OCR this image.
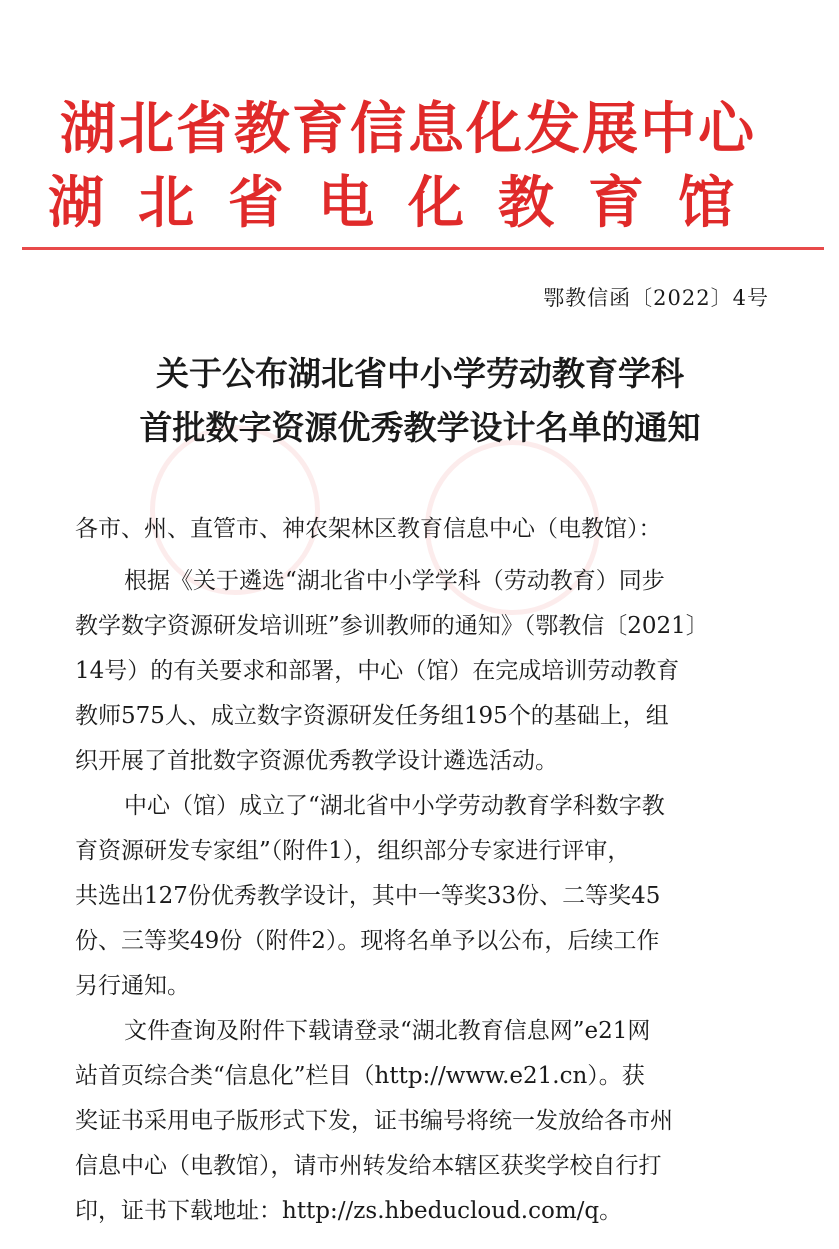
湖北省教育信息化发展中心
湖北省电化教育馆
鄂教信函〔2022〕4号
关于公布湖北省中小学劳动教育学科
首批数字资源优秀教学设计名单的通知
各市、州、直管市、神农架林区教育信息中心（电教馆）：
根据《关于遴选“湖北省中小学学科（劳动教育）同步
教学数字资源研发培训班”参训教师的通知》（鄂教信〔2021〕
14号）的有关要求和部署，中心（馆）在完成培训劳动教育
教师575人、成立数字资源研发任务组195个的基础上，组
织开展了首批数字资源优秀教学设计遴选活动。
中心（馆）成立了“湖北省中小学劳动教育学科数字教
育资源研发专家组”（附件1），组织部分专家进行评审，
共选出127份优秀教学设计，其中一等奖33份、二等奖45
份、三等奖49份（附件2）。现将名单予以公布，后续工作
另行通知。
文件查询及附件下载请登录“湖北教育信息网”e21网
站首页综合类“信息化”栏目（http://www.e21.cn）。获
奖证书采用电子版形式下发，证书编号将统一发放给各市州
信息中心（电教馆），请市州转发给本辖区获奖学校自行打
印，证书下载地址：http://zs.hbeducloud.com/q。
